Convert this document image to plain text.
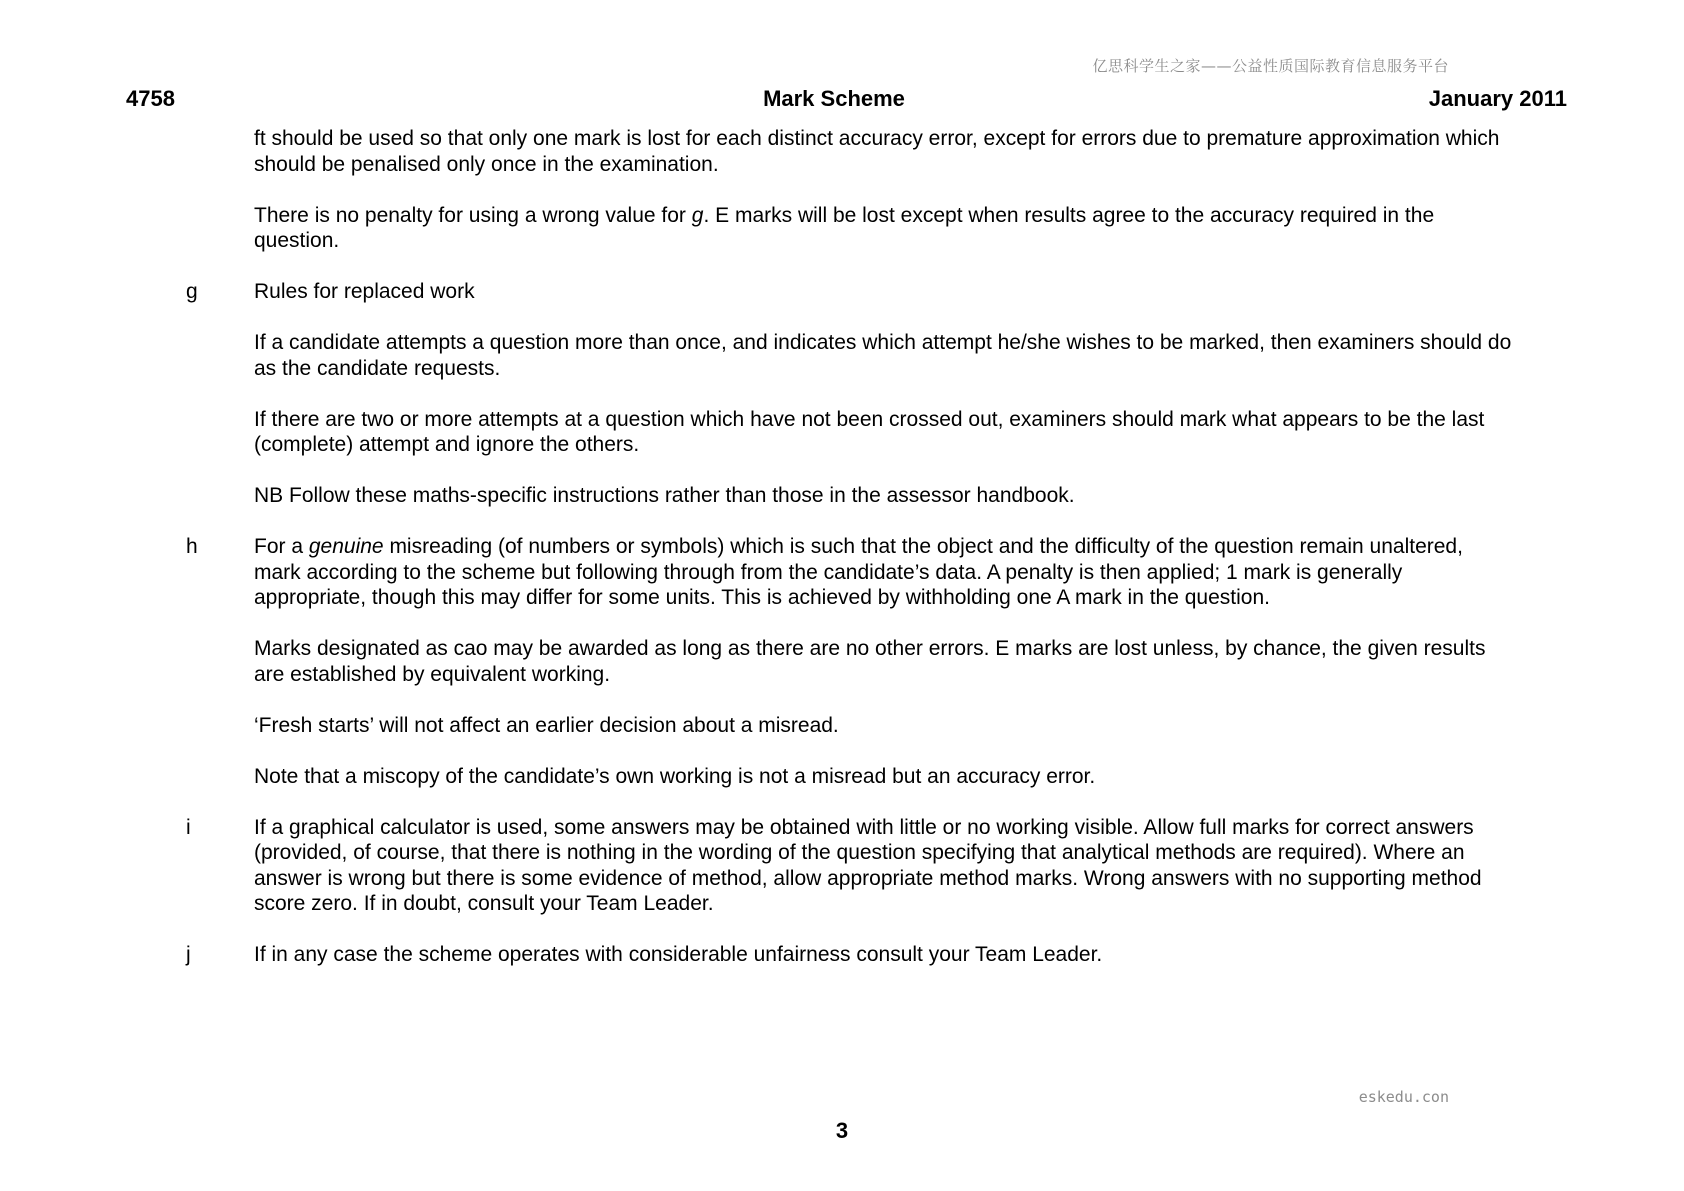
亿思科学生之家——公益性质国际教育信息服务平台
4758	Mark Scheme	January 2011

ft should be used so that only one mark is lost for each distinct accuracy error, except for errors due to premature approximation which should be penalised only once in the examination.

There is no penalty for using a wrong value for g. E marks will be lost except when results agree to the accuracy required in the question.

g	Rules for replaced work

If a candidate attempts a question more than once, and indicates which attempt he/she wishes to be marked, then examiners should do as the candidate requests.

If there are two or more attempts at a question which have not been crossed out, examiners should mark what appears to be the last (complete) attempt and ignore the others.

NB Follow these maths-specific instructions rather than those in the assessor handbook.

h	For a genuine misreading (of numbers or symbols) which is such that the object and the difficulty of the question remain unaltered, mark according to the scheme but following through from the candidate’s data. A penalty is then applied; 1 mark is generally appropriate, though this may differ for some units. This is achieved by withholding one A mark in the question.

Marks designated as cao may be awarded as long as there are no other errors. E marks are lost unless, by chance, the given results are established by equivalent working.

‘Fresh starts’ will not affect an earlier decision about a misread.

Note that a miscopy of the candidate’s own working is not a misread but an accuracy error.

i	If a graphical calculator is used, some answers may be obtained with little or no working visible. Allow full marks for correct answers (provided, of course, that there is nothing in the wording of the question specifying that analytical methods are required). Where an answer is wrong but there is some evidence of method, allow appropriate method marks. Wrong answers with no supporting method score zero. If in doubt, consult your Team Leader.

j	If in any case the scheme operates with considerable unfairness consult your Team Leader.

eskedu.con
3
